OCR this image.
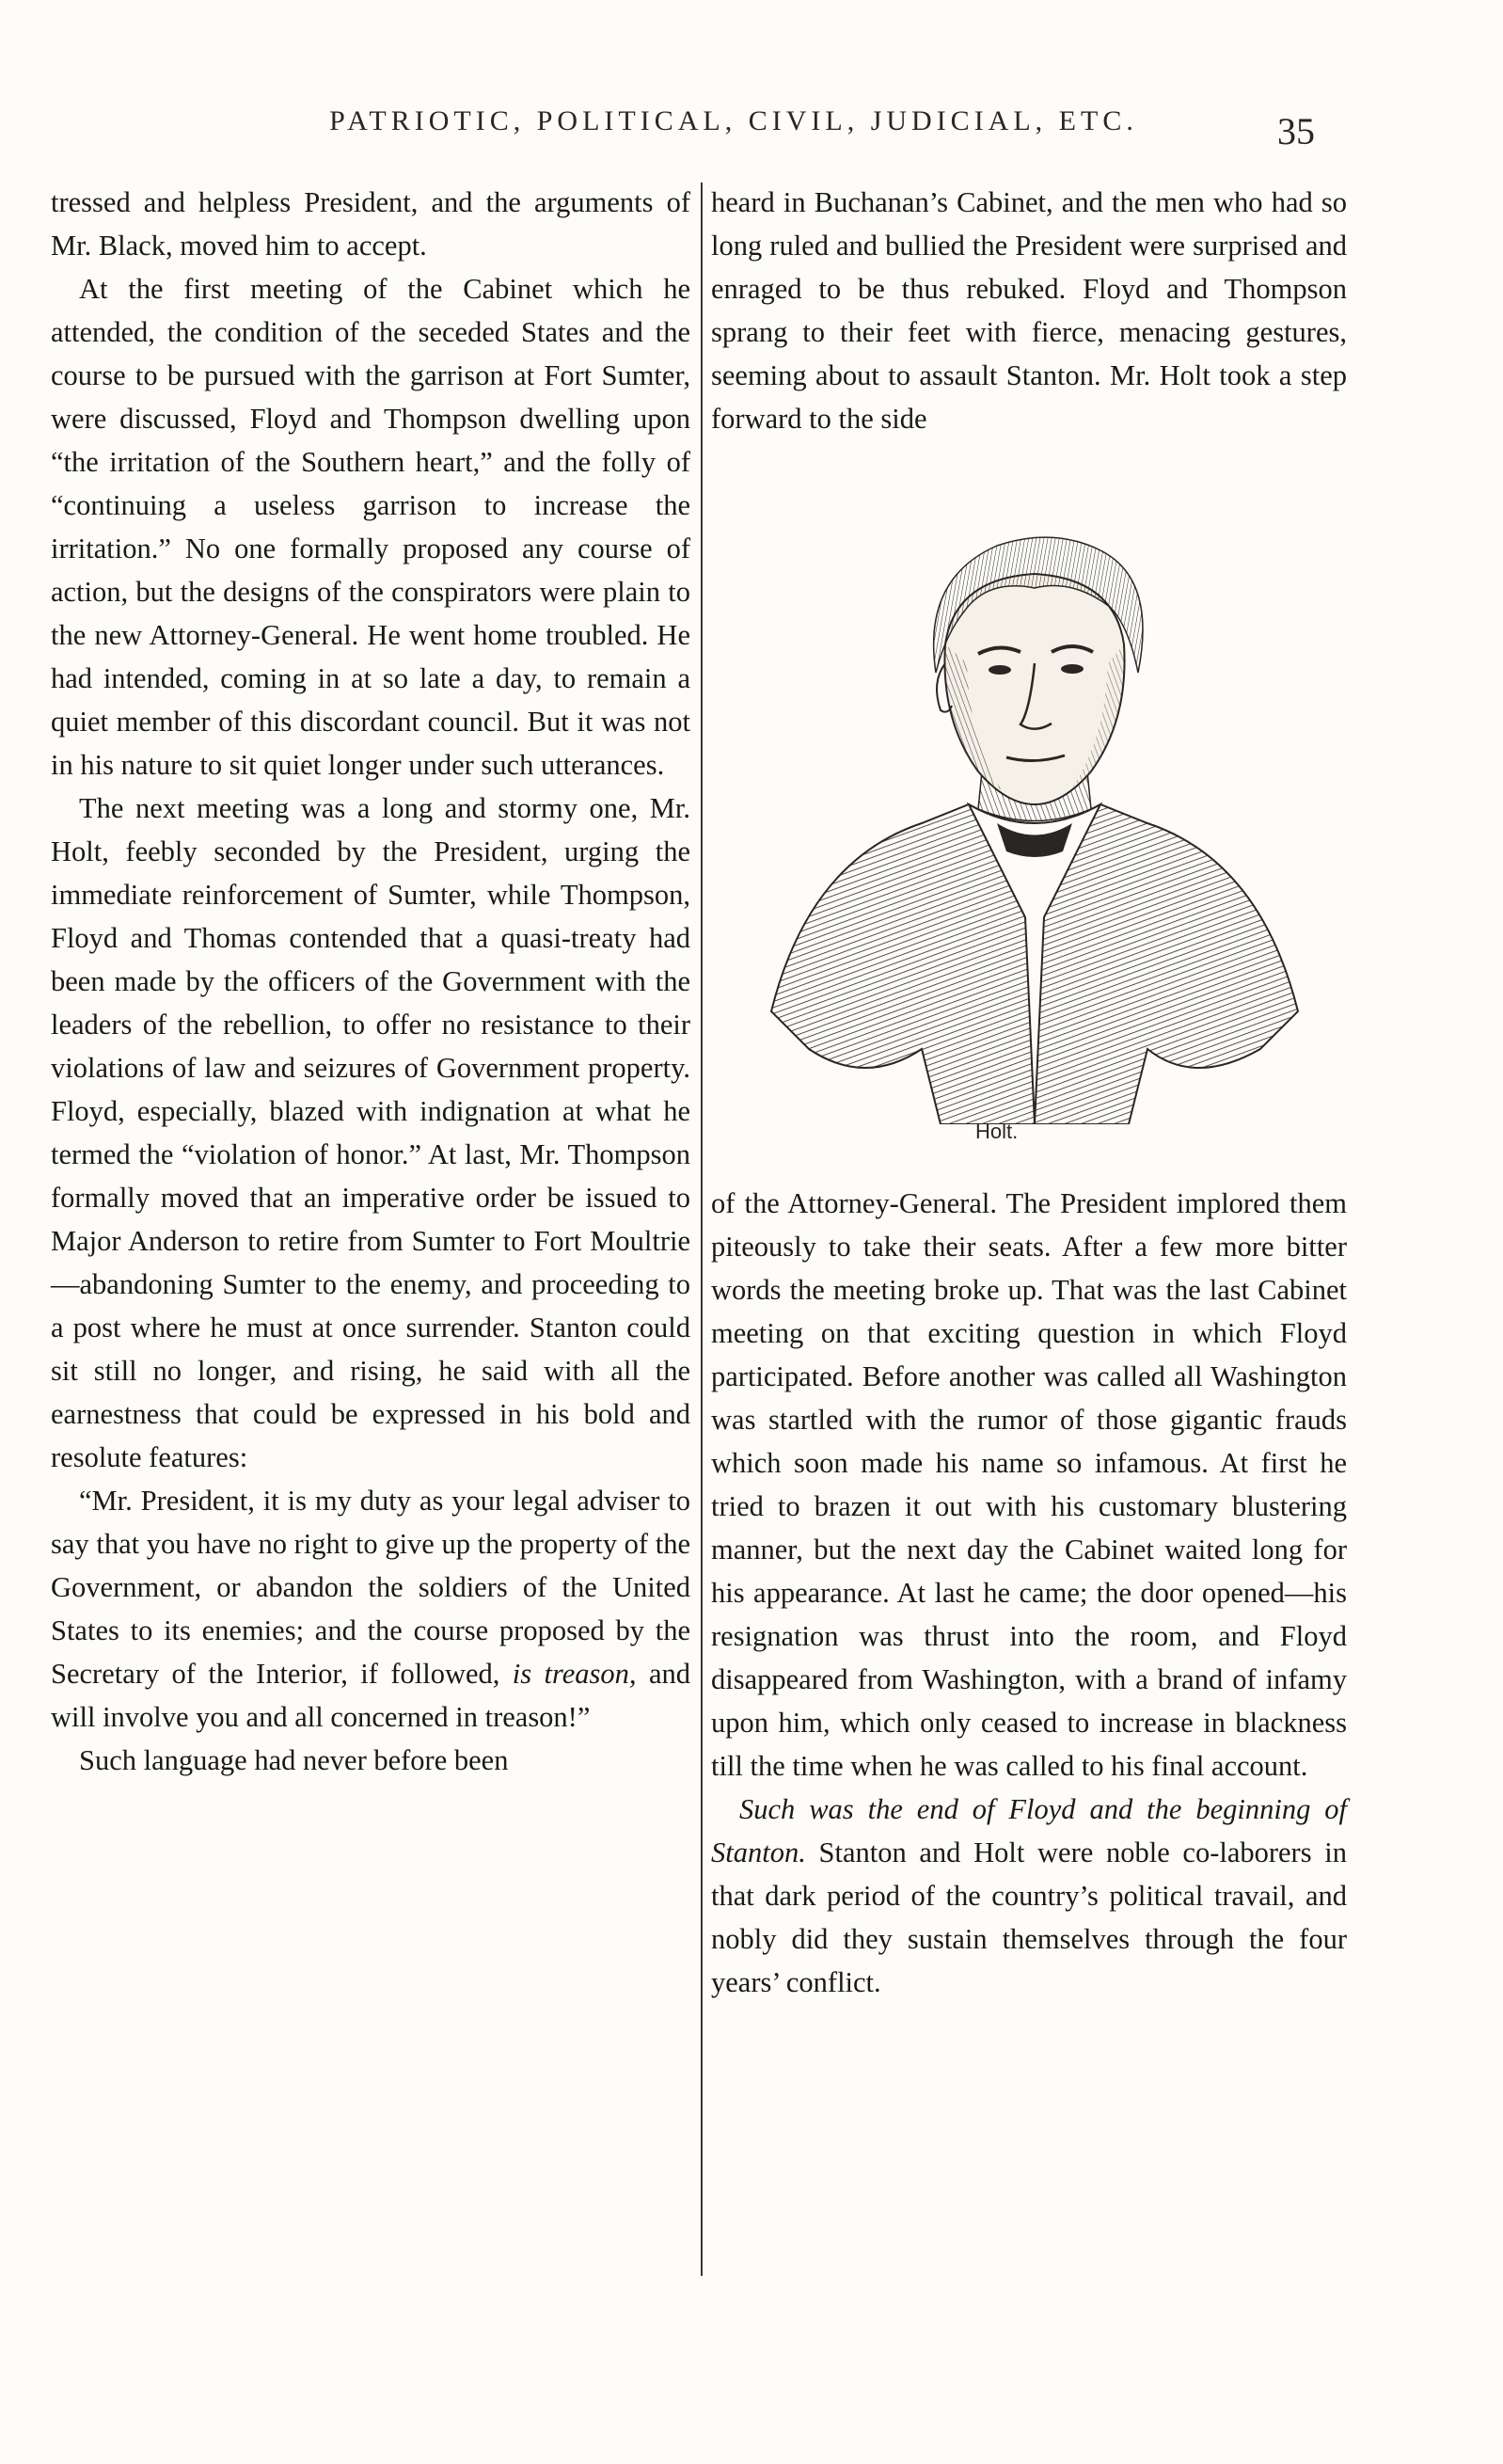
PATRIOTIC, POLITICAL, CIVIL, JUDICIAL, ETC.	35

tressed and helpless President, and the arguments of Mr. Black, moved him to accept.

At the first meeting of the Cabinet which he attended, the condition of the seceded States and the course to be pursued with the garrison at Fort Sumter, were discussed, Floyd and Thompson dwelling upon “the irritation of the Southern heart,” and the folly of “continuing a useless garrison to increase the irritation.” No one formally proposed any course of action, but the designs of the conspirators were plain to the new Attorney-General. He went home troubled. He had intended, coming in at so late a day, to remain a quiet member of this discordant council. But it was not in his nature to sit quiet longer under such utterances.

The next meeting was a long and stormy one, Mr. Holt, feebly seconded by the President, urging the immediate reinforcement of Sumter, while Thompson, Floyd and Thomas contended that a quasi-treaty had been made by the officers of the Government with the leaders of the rebellion, to offer no resistance to their violations of law and seizures of Government property. Floyd, especially, blazed with indignation at what he termed the “violation of honor.” At last, Mr. Thompson formally moved that an imperative order be issued to Major Anderson to retire from Sumter to Fort Moultrie—abandoning Sumter to the enemy, and proceeding to a post where he must at once surrender. Stanton could sit still no longer, and rising, he said with all the earnestness that could be expressed in his bold and resolute features:

“Mr. President, it is my duty as your legal adviser to say that you have no right to give up the property of the Government, or abandon the soldiers of the United States to its enemies; and the course proposed by the Secretary of the Interior, if followed, is treason, and will involve you and all concerned in treason!”

Such language had never before been

heard in Buchanan’s Cabinet, and the men who had so long ruled and bullied the President were surprised and enraged to be thus rebuked. Floyd and Thompson sprang to their feet with fierce, menacing gestures, seeming about to assault Stanton. Mr. Holt took a step forward to the side

Holt.

of the Attorney-General. The President implored them piteously to take their seats. After a few more bitter words the meeting broke up. That was the last Cabinet meeting on that exciting question in which Floyd participated. Before another was called all Washington was startled with the rumor of those gigantic frauds which soon made his name so infamous. At first he tried to brazen it out with his customary blustering manner, but the next day the Cabinet waited long for his appearance. At last he came; the door opened—his resignation was thrust into the room, and Floyd disappeared from Washington, with a brand of infamy upon him, which only ceased to increase in blackness till the time when he was called to his final account.

Such was the end of Floyd and the beginning of Stanton. Stanton and Holt were noble co-laborers in that dark period of the country’s political travail, and nobly did they sustain themselves through the four years’ conflict.
